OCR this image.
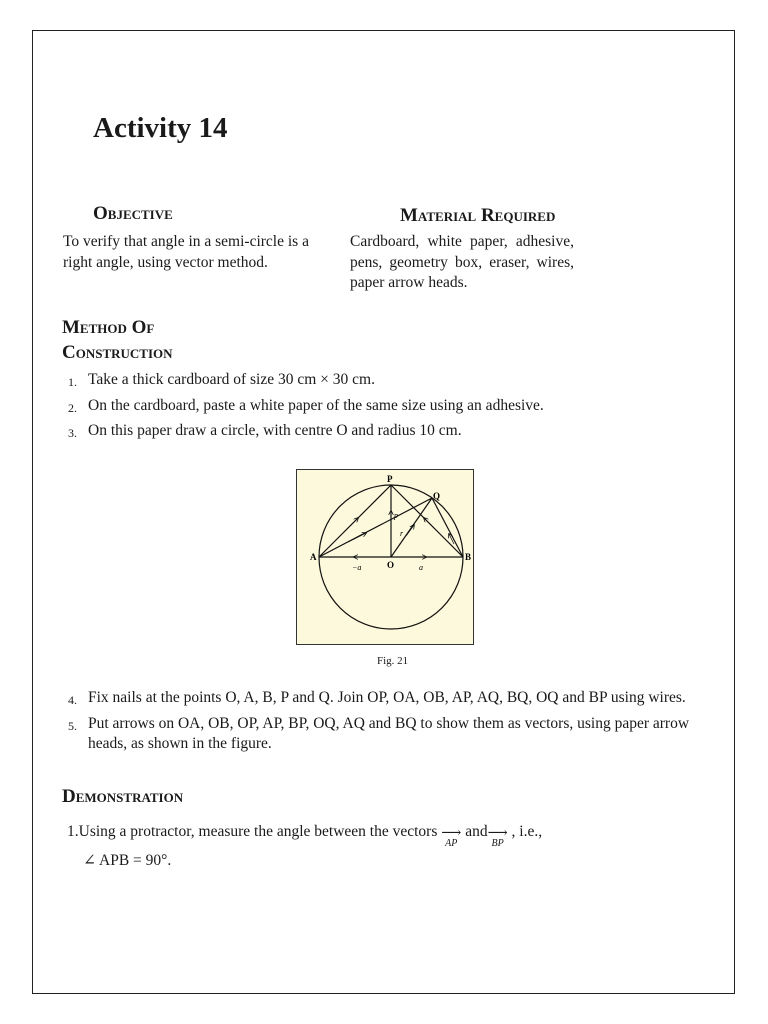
Activity 14
Objective

To verify that angle in a semi-circle is a right angle, using vector method.

Material Required

Cardboard, white paper, adhesive, pens, geometry box, eraser, wires, paper arrow heads.

Method Of
Construction
1. Take a thick cardboard of size 30 cm × 30 cm.
2. On the cardboard, paste a white paper of the same size using an adhesive.
3. On this paper draw a circle, with centre O and radius 10 cm.
P
Q
A	B
O
p
r
−a	a

Fig. 21

4. Fix nails at the points O, A, B, P and Q. Join OP, OA, OB, AP, AQ, BQ, OQ and BP using wires.
5. Put arrows on OA, OB, OP, AP, BP, OQ, AQ and BQ to show them as vectors, using paper arrow heads, as shown in the figure.
Demonstration

1.Using a protractor, measure the angle between the vectors ⟶
AP
and ⟶
BP
, i.e.,

∠ APB = 90°.
